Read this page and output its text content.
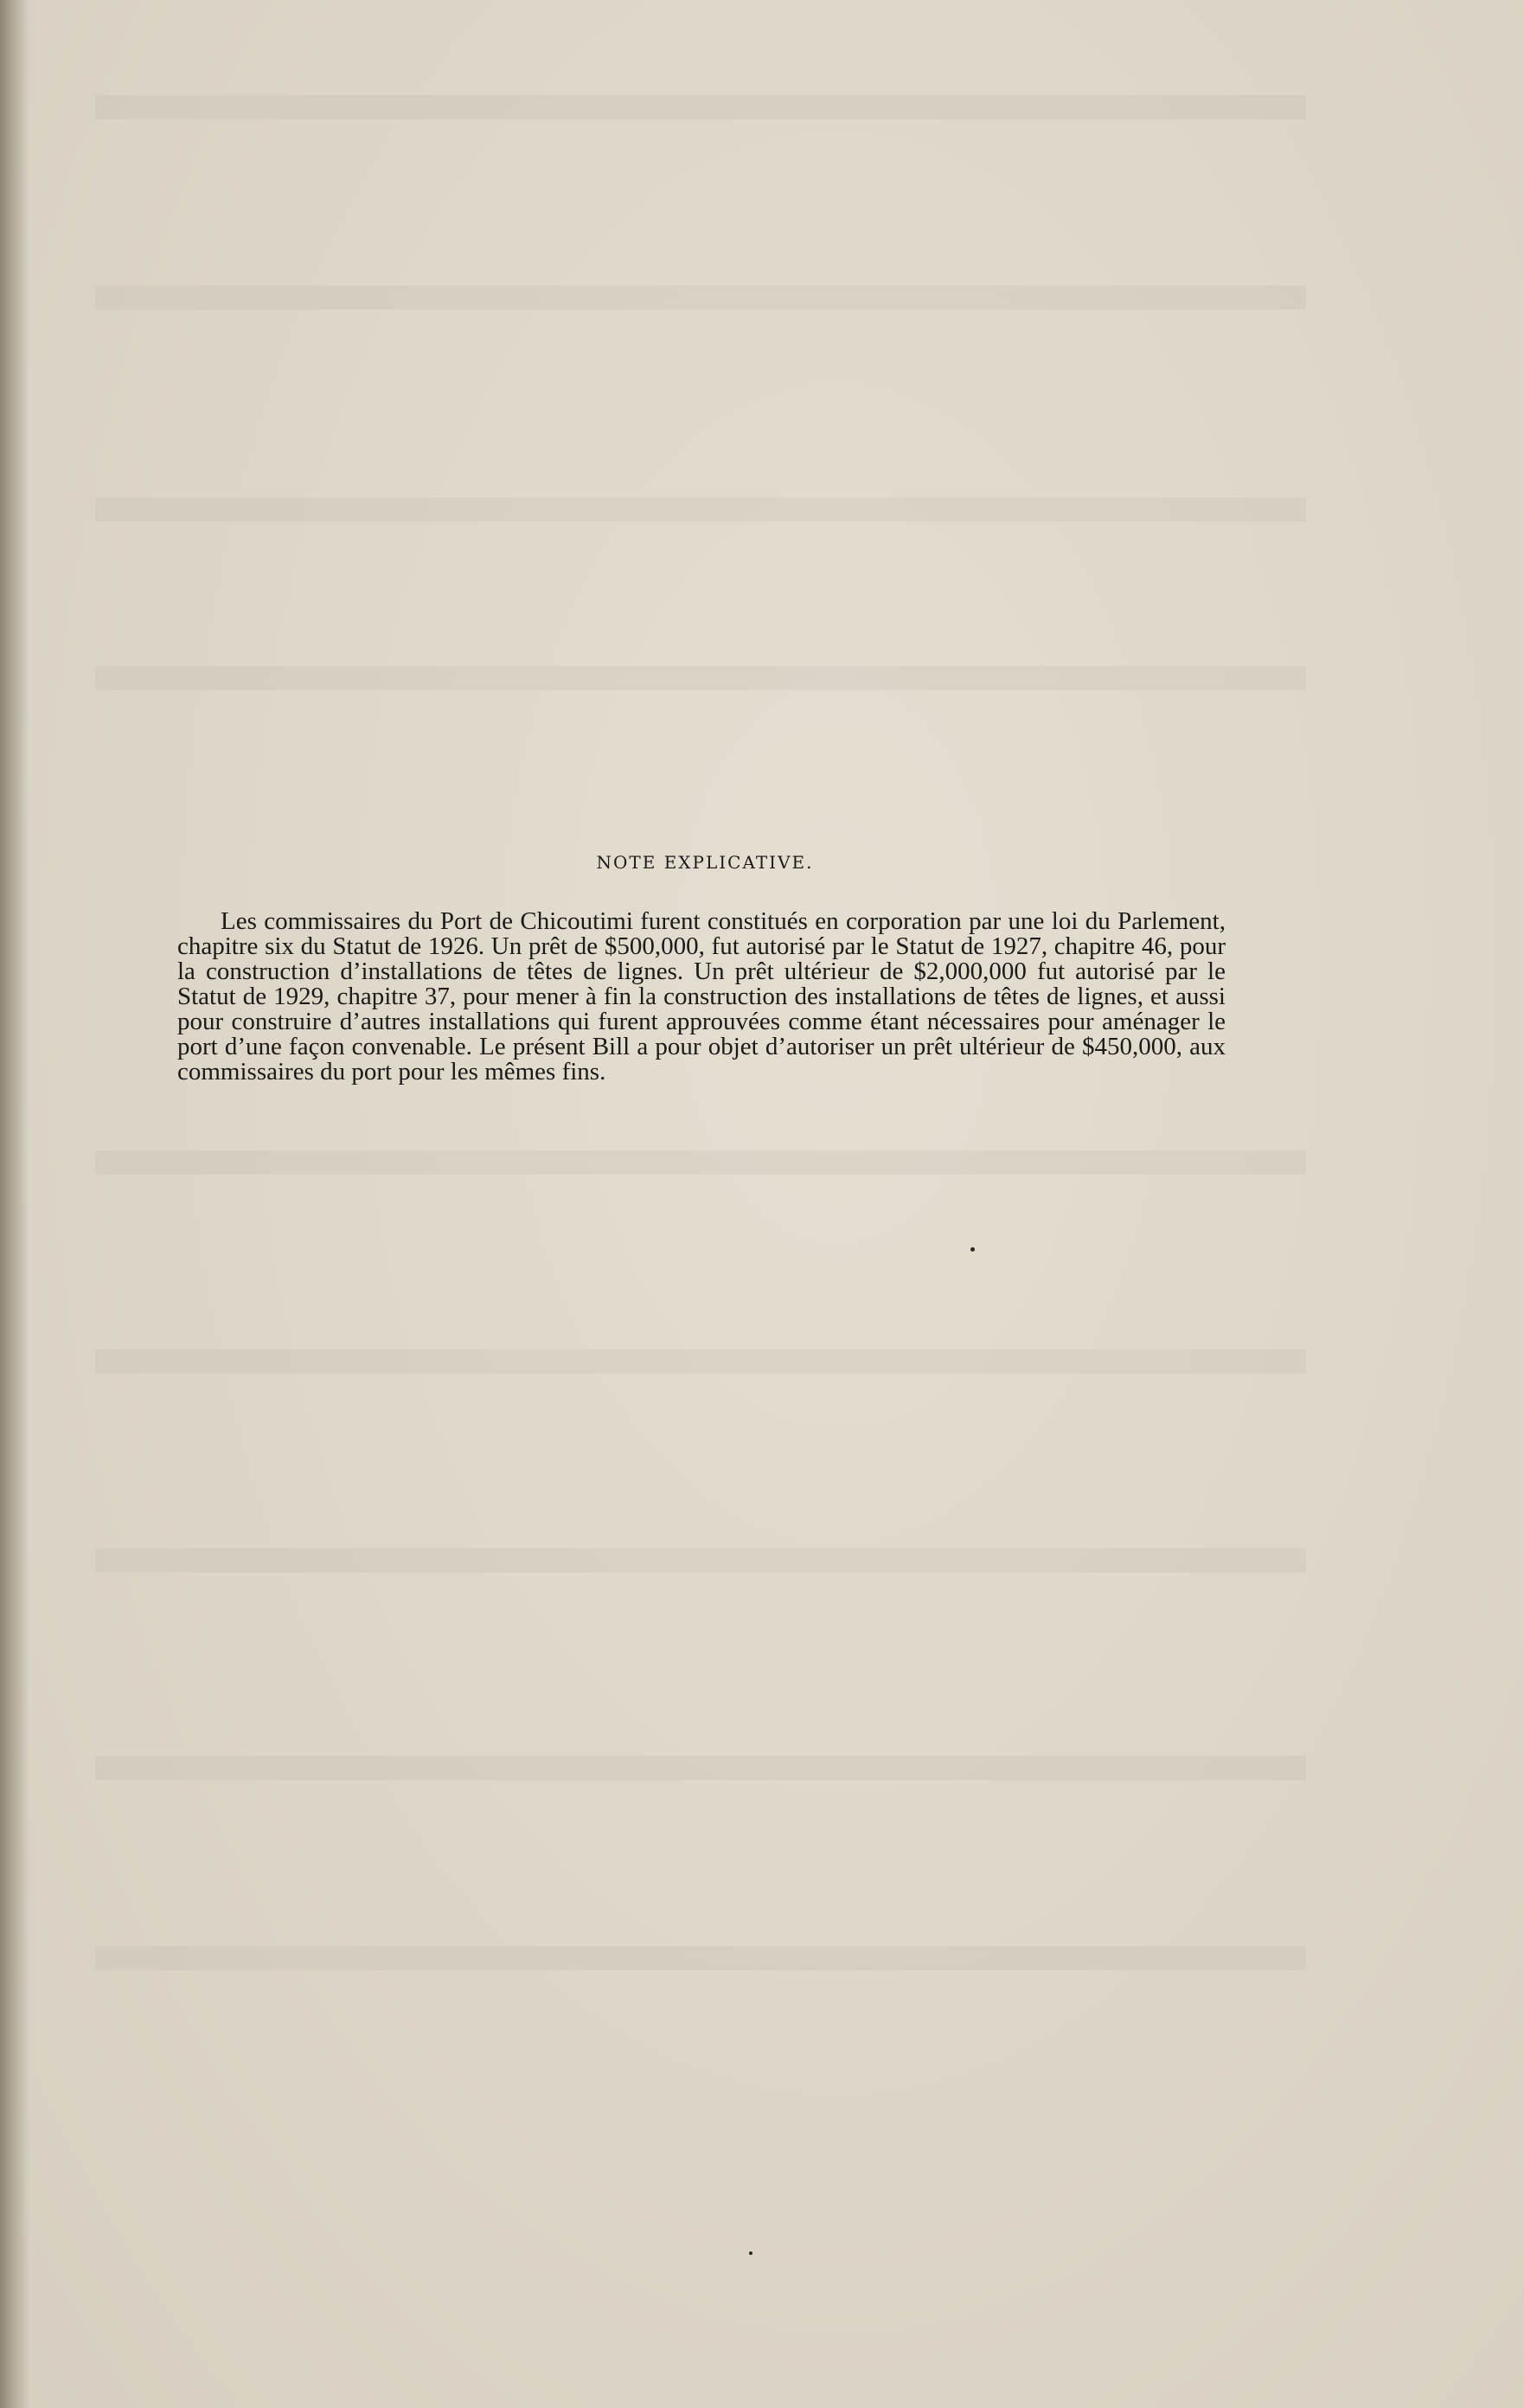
NOTE EXPLICATIVE.

Les commissaires du Port de Chicoutimi furent constitués en corporation par une loi du Parlement, chapitre six du Statut de 1926. Un prêt de $500,000, fut autorisé par le Statut de 1927, chapitre 46, pour la construction d’installations de têtes de lignes. Un prêt ultérieur de $2,000,000 fut autorisé par le Statut de 1929, chapitre 37, pour mener à fin la construction des installations de têtes de lignes, et aussi pour construire d’autres installations qui furent approuvées comme étant nécessaires pour aménager le port d’une façon convenable. Le présent Bill a pour objet d’autoriser un prêt ultérieur de $450,000, aux commissaires du port pour les mêmes fins.
